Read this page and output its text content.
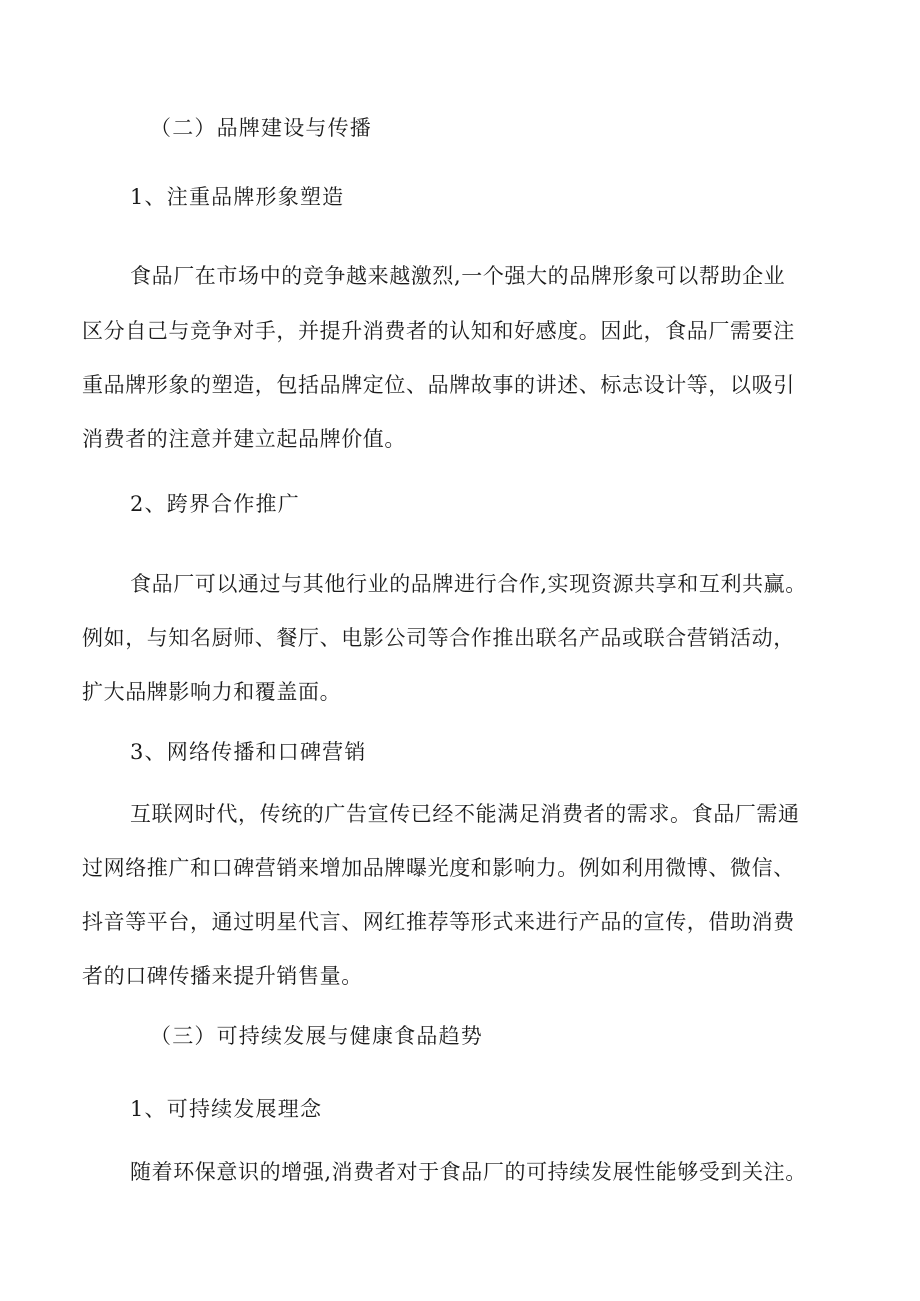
（二）品牌建设与传播
1、注重品牌形象塑造
食品厂在市场中的竞争越来越激烈,一个强大的品牌形象可以帮助企业
区分自己与竞争对手，并提升消费者的认知和好感度。因此，食品厂需要注
重品牌形象的塑造，包括品牌定位、品牌故事的讲述、标志设计等，以吸引
消费者的注意并建立起品牌价值。
2、跨界合作推广
食品厂可以通过与其他行业的品牌进行合作,实现资源共享和互利共赢。
例如，与知名厨师、餐厅、电影公司等合作推出联名产品或联合营销活动，
扩大品牌影响力和覆盖面。
3、网络传播和口碑营销
互联网时代，传统的广告宣传已经不能满足消费者的需求。食品厂需通
过网络推广和口碑营销来增加品牌曝光度和影响力。例如利用微博、微信、
抖音等平台，通过明星代言、网红推荐等形式来进行产品的宣传，借助消费
者的口碑传播来提升销售量。
（三）可持续发展与健康食品趋势
1、可持续发展理念
随着环保意识的增强,消费者对于食品厂的可持续发展性能够受到关注。
